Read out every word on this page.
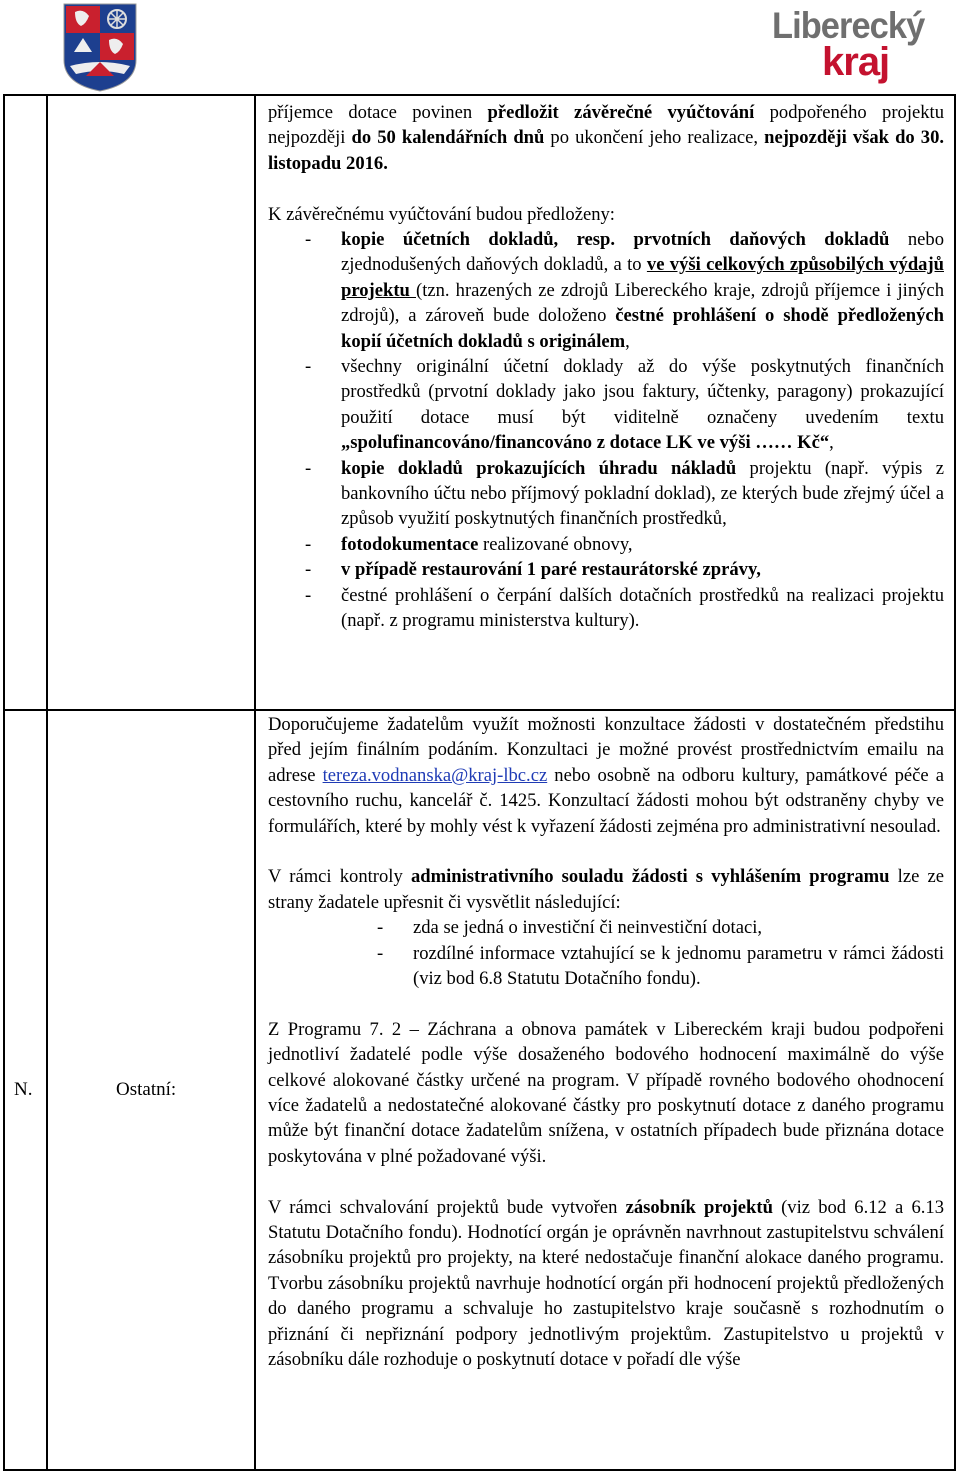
Liberecký
kraj
N.	Ostatní:

příjemce dotace povinen předložit závěrečné vyúčtování podpořeného projektu nejpozději do 50 kalendářních dnů po ukončení jeho realizace, nejpozději však do 30. listopadu 2016.

K závěrečnému vyúčtování budou předloženy:

- kopie účetních dokladů, resp. prvotních daňových dokladů nebo zjednodušených daňových dokladů, a to ve výši celkových způsobilých výdajů projektu (tzn. hrazených ze zdrojů Libereckého kraje, zdrojů příjemce i jiných zdrojů), a zároveň bude doloženo čestné prohlášení o shodě předložených kopií účetních dokladů s originálem,
- všechny originální účetní doklady až do výše poskytnutých finančních prostředků (prvotní doklady jako jsou faktury, účtenky, paragony) prokazující použití dotace musí být viditelně označeny uvedením textu „spolufinancováno/financováno z dotace LK ve výši …… Kč“,
- kopie dokladů prokazujících úhradu nákladů projektu (např. výpis z bankovního účtu nebo příjmový pokladní doklad), ze kterých bude zřejmý účel a způsob využití poskytnutých finančních prostředků,
- fotodokumentace realizované obnovy,
- v případě restaurování 1 paré restaurátorské zprávy,
- čestné prohlášení o čerpání dalších dotačních prostředků na realizaci projektu (např. z programu ministerstva kultury).

Doporučujeme žadatelům využít možnosti konzultace žádosti v dostatečném předstihu před jejím finálním podáním. Konzultaci je možné provést prostřednictvím emailu na adrese tereza.vodnanska@kraj-lbc.cz nebo osobně na odboru kultury, památkové péče a cestovního ruchu, kancelář č. 1425. Konzultací žádosti mohou být odstraněny chyby ve formulářích, které by mohly vést k vyřazení žádosti zejména pro administrativní nesoulad.

V rámci kontroly administrativního souladu žádosti s vyhlášením programu lze ze strany žadatele upřesnit či vysvětlit následující:

- zda se jedná o investiční či neinvestiční dotaci,
- rozdílné informace vztahující se k jednomu parametru v rámci žádosti (viz bod 6.8 Statutu Dotačního fondu).

Z Programu 7. 2 – Záchrana a obnova památek v Libereckém kraji budou podpořeni jednotliví žadatelé podle výše dosaženého bodového hodnocení maximálně do výše celkové alokované částky určené na program. V případě rovného bodového ohodnocení více žadatelů a nedostatečné alokované částky pro poskytnutí dotace z daného programu může být finanční dotace žadatelům snížena, v ostatních případech bude přiznána dotace poskytována v plné požadované výši.

V rámci schvalování projektů bude vytvořen zásobník projektů (viz bod 6.12 a 6.13 Statutu Dotačního fondu). Hodnotící orgán je oprávněn navrhnout zastupitelstvu schválení zásobníku projektů pro projekty, na které nedostačuje finanční alokace daného programu. Tvorbu zásobníku projektů navrhuje hodnotící orgán při hodnocení projektů předložených do daného programu a schvaluje ho zastupitelstvo kraje současně s rozhodnutím o přiznání či nepřiznání podpory jednotlivým projektům. Zastupitelstvo u projektů v zásobníku dále rozhoduje o poskytnutí dotace v pořadí dle výše
